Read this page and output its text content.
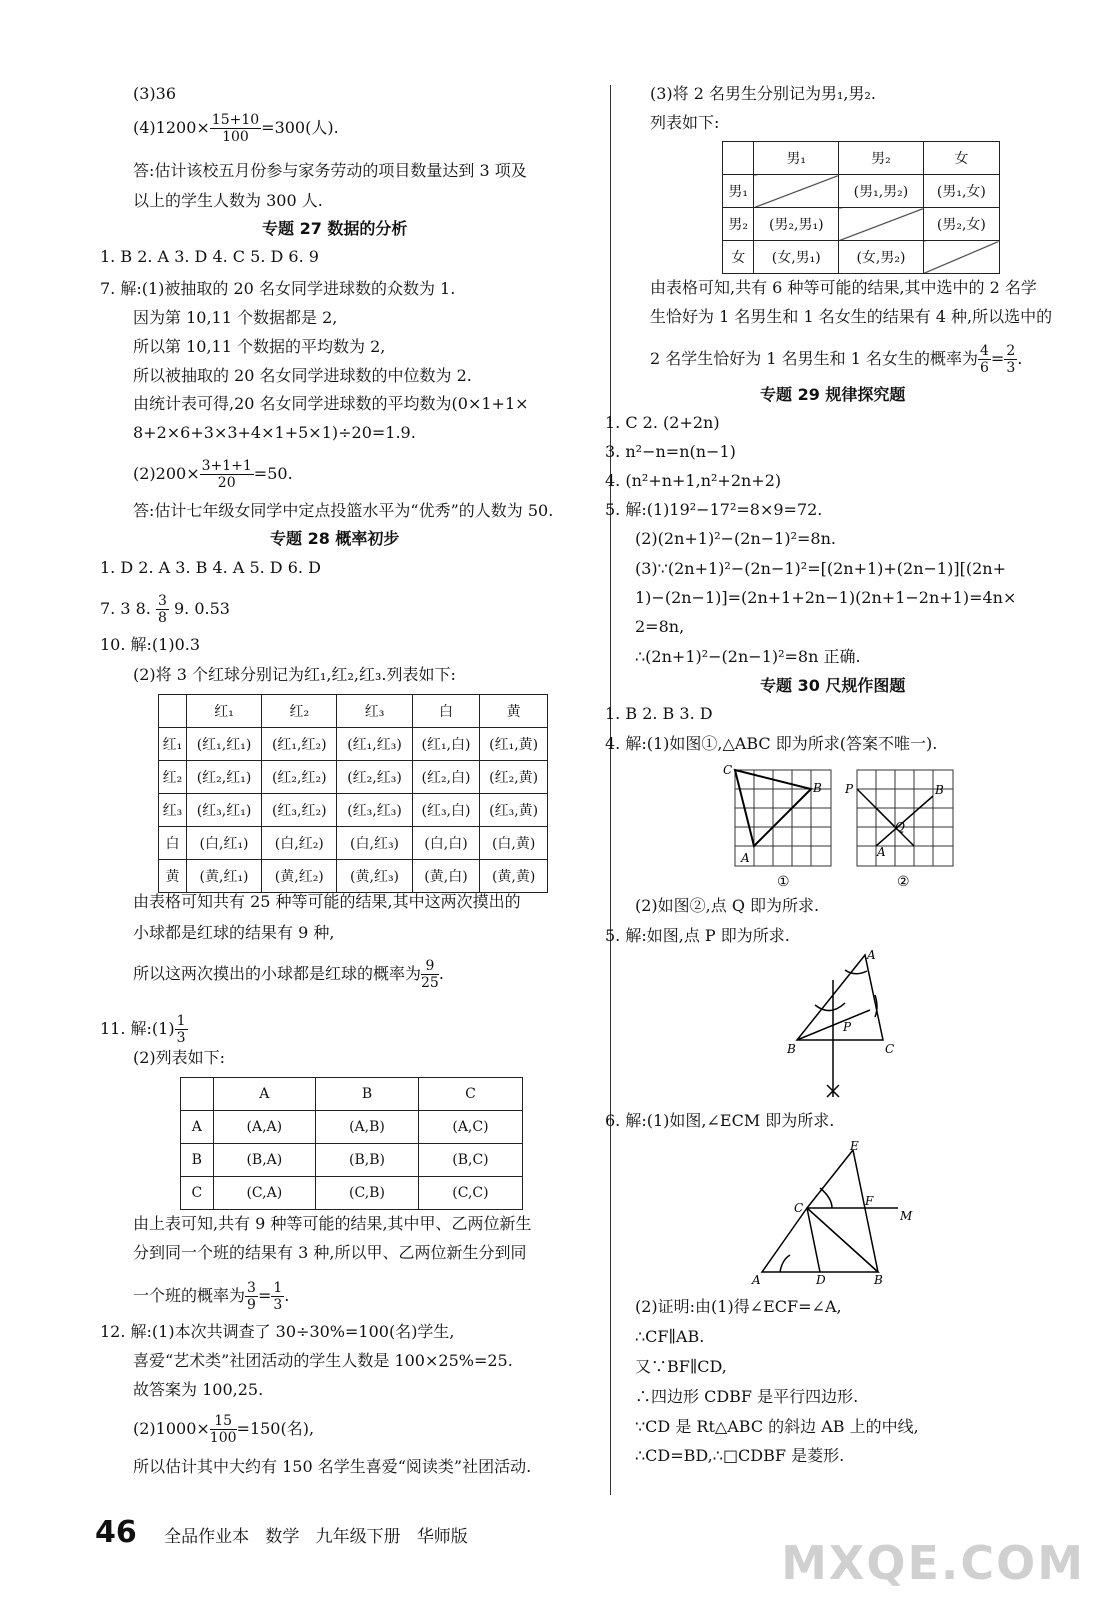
(3)36
$(4)1200\times \frac{15+10}{100} =300$(人).
答:估计该校五月份参与家务劳动的项目数量达到 3 项及
以上的学生人数为 300 人.
专题 27 数据的分析
1. B 2. A 3. D 4. C 5. D 6. 9
7. 解:(1)被抽取的 20 名女同学进球数的众数为 1.
因为第 10,11 个数据都是 2,
所以第 10,11 个数据的平均数为 2,
所以被抽取的 20 名女同学进球数的中位数为 2.
由统计表可得,20 名女同学进球数的平均数为(0×1+1×
8+2×6+3×3+4×1+5×1)÷20=1.9.
$(2)200\times \frac{3+1+1}{20} =50$.
答:估计七年级女同学中定点投篮水平为“优秀”的人数为 50.
专题 28 概率初步
1. D 2. A 3. B 4. A 5. D 6. D
7. 3 8. $\frac{3}{8} 9$. 0.53
10. 解:(1)0.3
(2)将 3 个红球分别记为红₁,红₂,红₃.列表如下:
	红₁	红₂	红₃	白	黄
红₁	(红₁,红₁)	(红₁,红₂)	(红₁,红₃)	(红₁,白)	(红₁,黄)
红₂	(红₂,红₁)	(红₂,红₂)	(红₂,红₃)	(红₂,白)	(红₂,黄)
红₃	(红₃,红₁)	(红₃,红₂)	(红₃,红₃)	(红₃,白)	(红₃,黄)
白	(白,红₁)	(白,红₂)	(白,红₃)	(白,白)	(白,黄)
黄	(黄,红₁)	(黄,红₂)	(黄,红₃)	(黄,白)	(黄,黄)
由表格可知共有 25 种等可能的结果,其中这两次摸出的
小球都是红球的结果有 9 种,
所以这两次摸出的小球都是红球的概率为 $\frac{9}{25}$ .
11. 解:(1) $\frac{1}{3}$
(2)列表如下:
	A	B	C
A	(A,A)	(A,B)	(A,C)
B	(B,A)	(B,B)	(B,C)
C	(C,A)	(C,B)	(C,C)
由上表可知,共有 9 种等可能的结果,其中甲、乙两位新生
分到同一个班的结果有 3 种,所以甲、乙两位新生分到同
一个班的概率为 $\frac{3}{9} = \frac{1}{3}$ .
12. 解:(1)本次共调查了 30÷30%=100(名)学生,
喜爱“艺术类”社团活动的学生人数是 100×25%=25.
故答案为 100,25.
$(2)1000\times \frac{15}{100} =150$(名),
所以估计其中大约有 150 名学生喜爱“阅读类”社团活动.
(3)将 2 名男生分别记为男₁,男₂.
列表如下:
	男₁	男₂	女
男₁		(男₁,男₂)	(男₁,女)
男₂	(男₂,男₁)		(男₂,女)
女	(女,男₁)	(女,男₂)	
由表格可知,共有 6 种等可能的结果,其中选中的 2 名学
生恰好为 1 名男生和 1 名女生的结果有 4 种,所以选中的
2 名学生恰好为 1 名男生和 1 名女生的概率为 $\frac{4}{6} = \frac{2}{3}$ .
专题 29 规律探究题
1. C 2. (2+2n)
3. n²−n=n(n−1)
4. (n²+n+1,n²+2n+2)
5. 解:(1)19²−17²=8×9=72.
(2)(2n+1)²−(2n−1)²=8n.
(3)∵(2n+1)²−(2n−1)²=[(2n+1)+(2n−1)][(2n+
1)−(2n−1)]=(2n+1+2n−1)(2n+1−2n+1)=4n×
2=8n,
∴(2n+1)²−(2n−1)²=8n 正确.
专题 30 尺规作图题
1. B 2. B 3. D
4. 解:(1)如图①,△ABC 即为所求(答案不唯一).
C
B
A
①
P	B
Q
A
②
(2)如图②,点 Q 即为所求.
5. 解:如图,点 P 即为所求.
A
B	C
P
6. 解:(1)如图,∠ECM 即为所求.
E
C	F
M
A	D	B
(2)证明:由(1)得∠ECF=∠A,
∴CF∥AB.
又∵BF∥CD,
∴四边形 CDBF 是平行四边形.
∵CD 是 Rt△ABC 的斜边 AB 上的中线,
∴CD=BD,∴□CDBF 是菱形.
46 全品作业本 数学 九年级下册 华师版	MXQE.COM
